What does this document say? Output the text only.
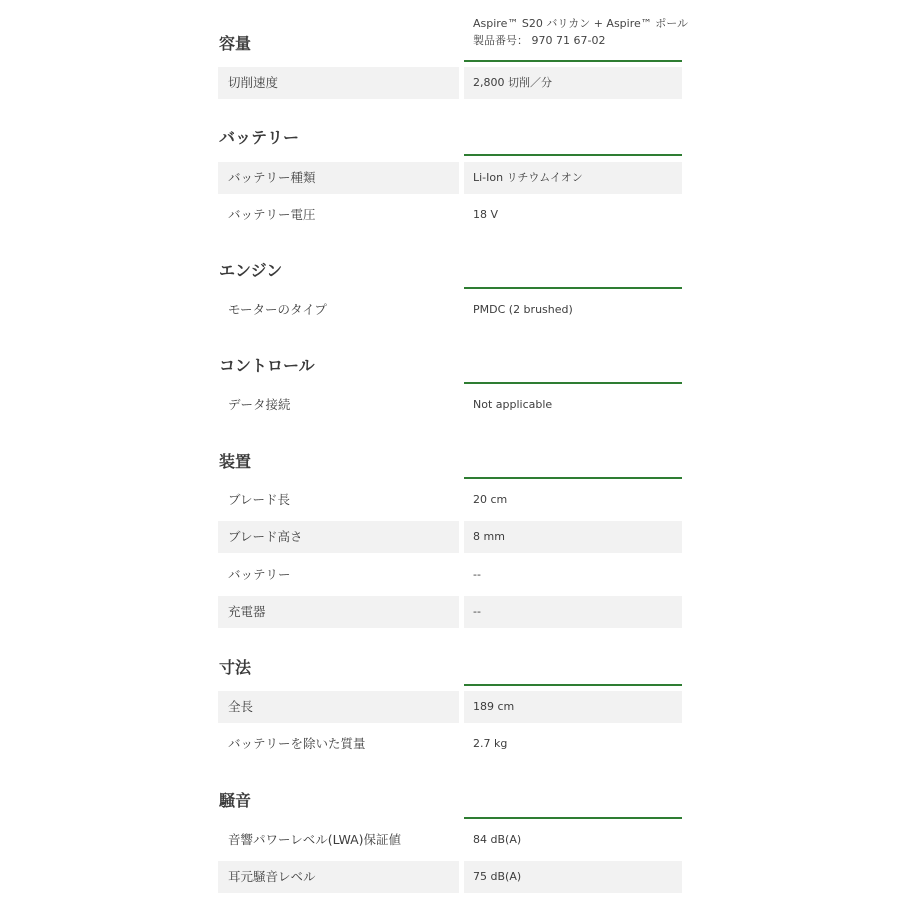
Aspire™ S20 バリカン + Aspire™ ポール
製品番号： 970 71 67-02
容量
切削速度	2,800 切削／分
バッテリー
バッテリー種類	Li-Ion リチウムイオン
バッテリー電圧	18 V
エンジン
モーターのタイプ	PMDC (2 brushed)
コントロール
データ接続	Not applicable
装置
ブレード長	20 cm
ブレード高さ	8 mm
バッテリー	--
充電器	--
寸法
全長	189 cm
バッテリーを除いた質量	2.7 kg
騒音
音響パワーレベル(LWA)保証値	84 dB(A)
耳元騒音レベル	75 dB(A)
